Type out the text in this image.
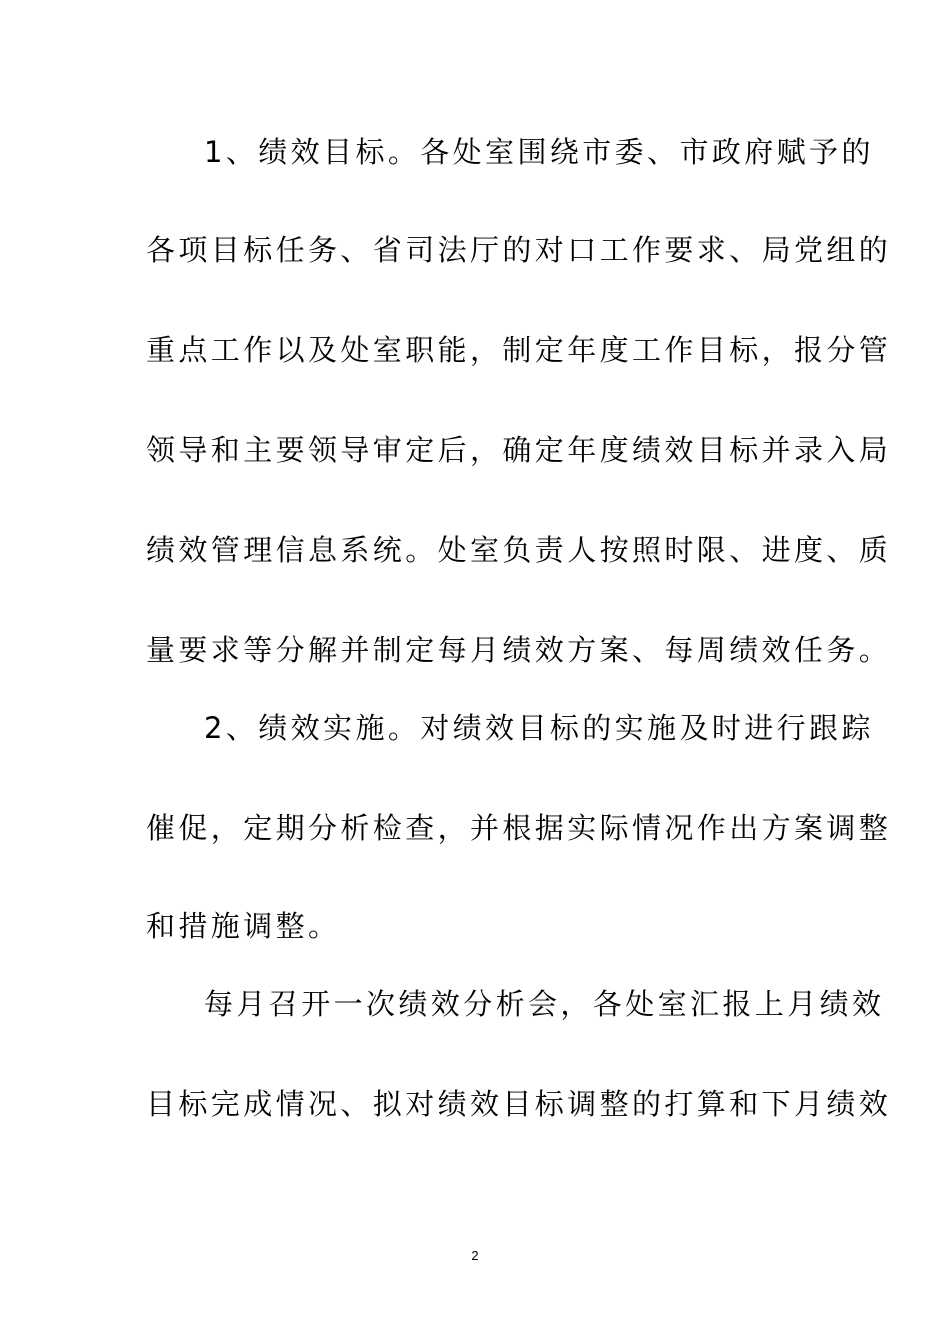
1、绩效目标。各处室围绕市委、市政府赋予的
各项目标任务、省司法厅的对口工作要求、局党组的
重点工作以及处室职能，制定年度工作目标，报分管
领导和主要领导审定后，确定年度绩效目标并录入局
绩效管理信息系统。处室负责人按照时限、进度、质
量要求等分解并制定每月绩效方案、每周绩效任务。
2、绩效实施。对绩效目标的实施及时进行跟踪
催促，定期分析检查，并根据实际情况作出方案调整
和措施调整。
每月召开一次绩效分析会，各处室汇报上月绩效
目标完成情况、拟对绩效目标调整的打算和下月绩效
2
